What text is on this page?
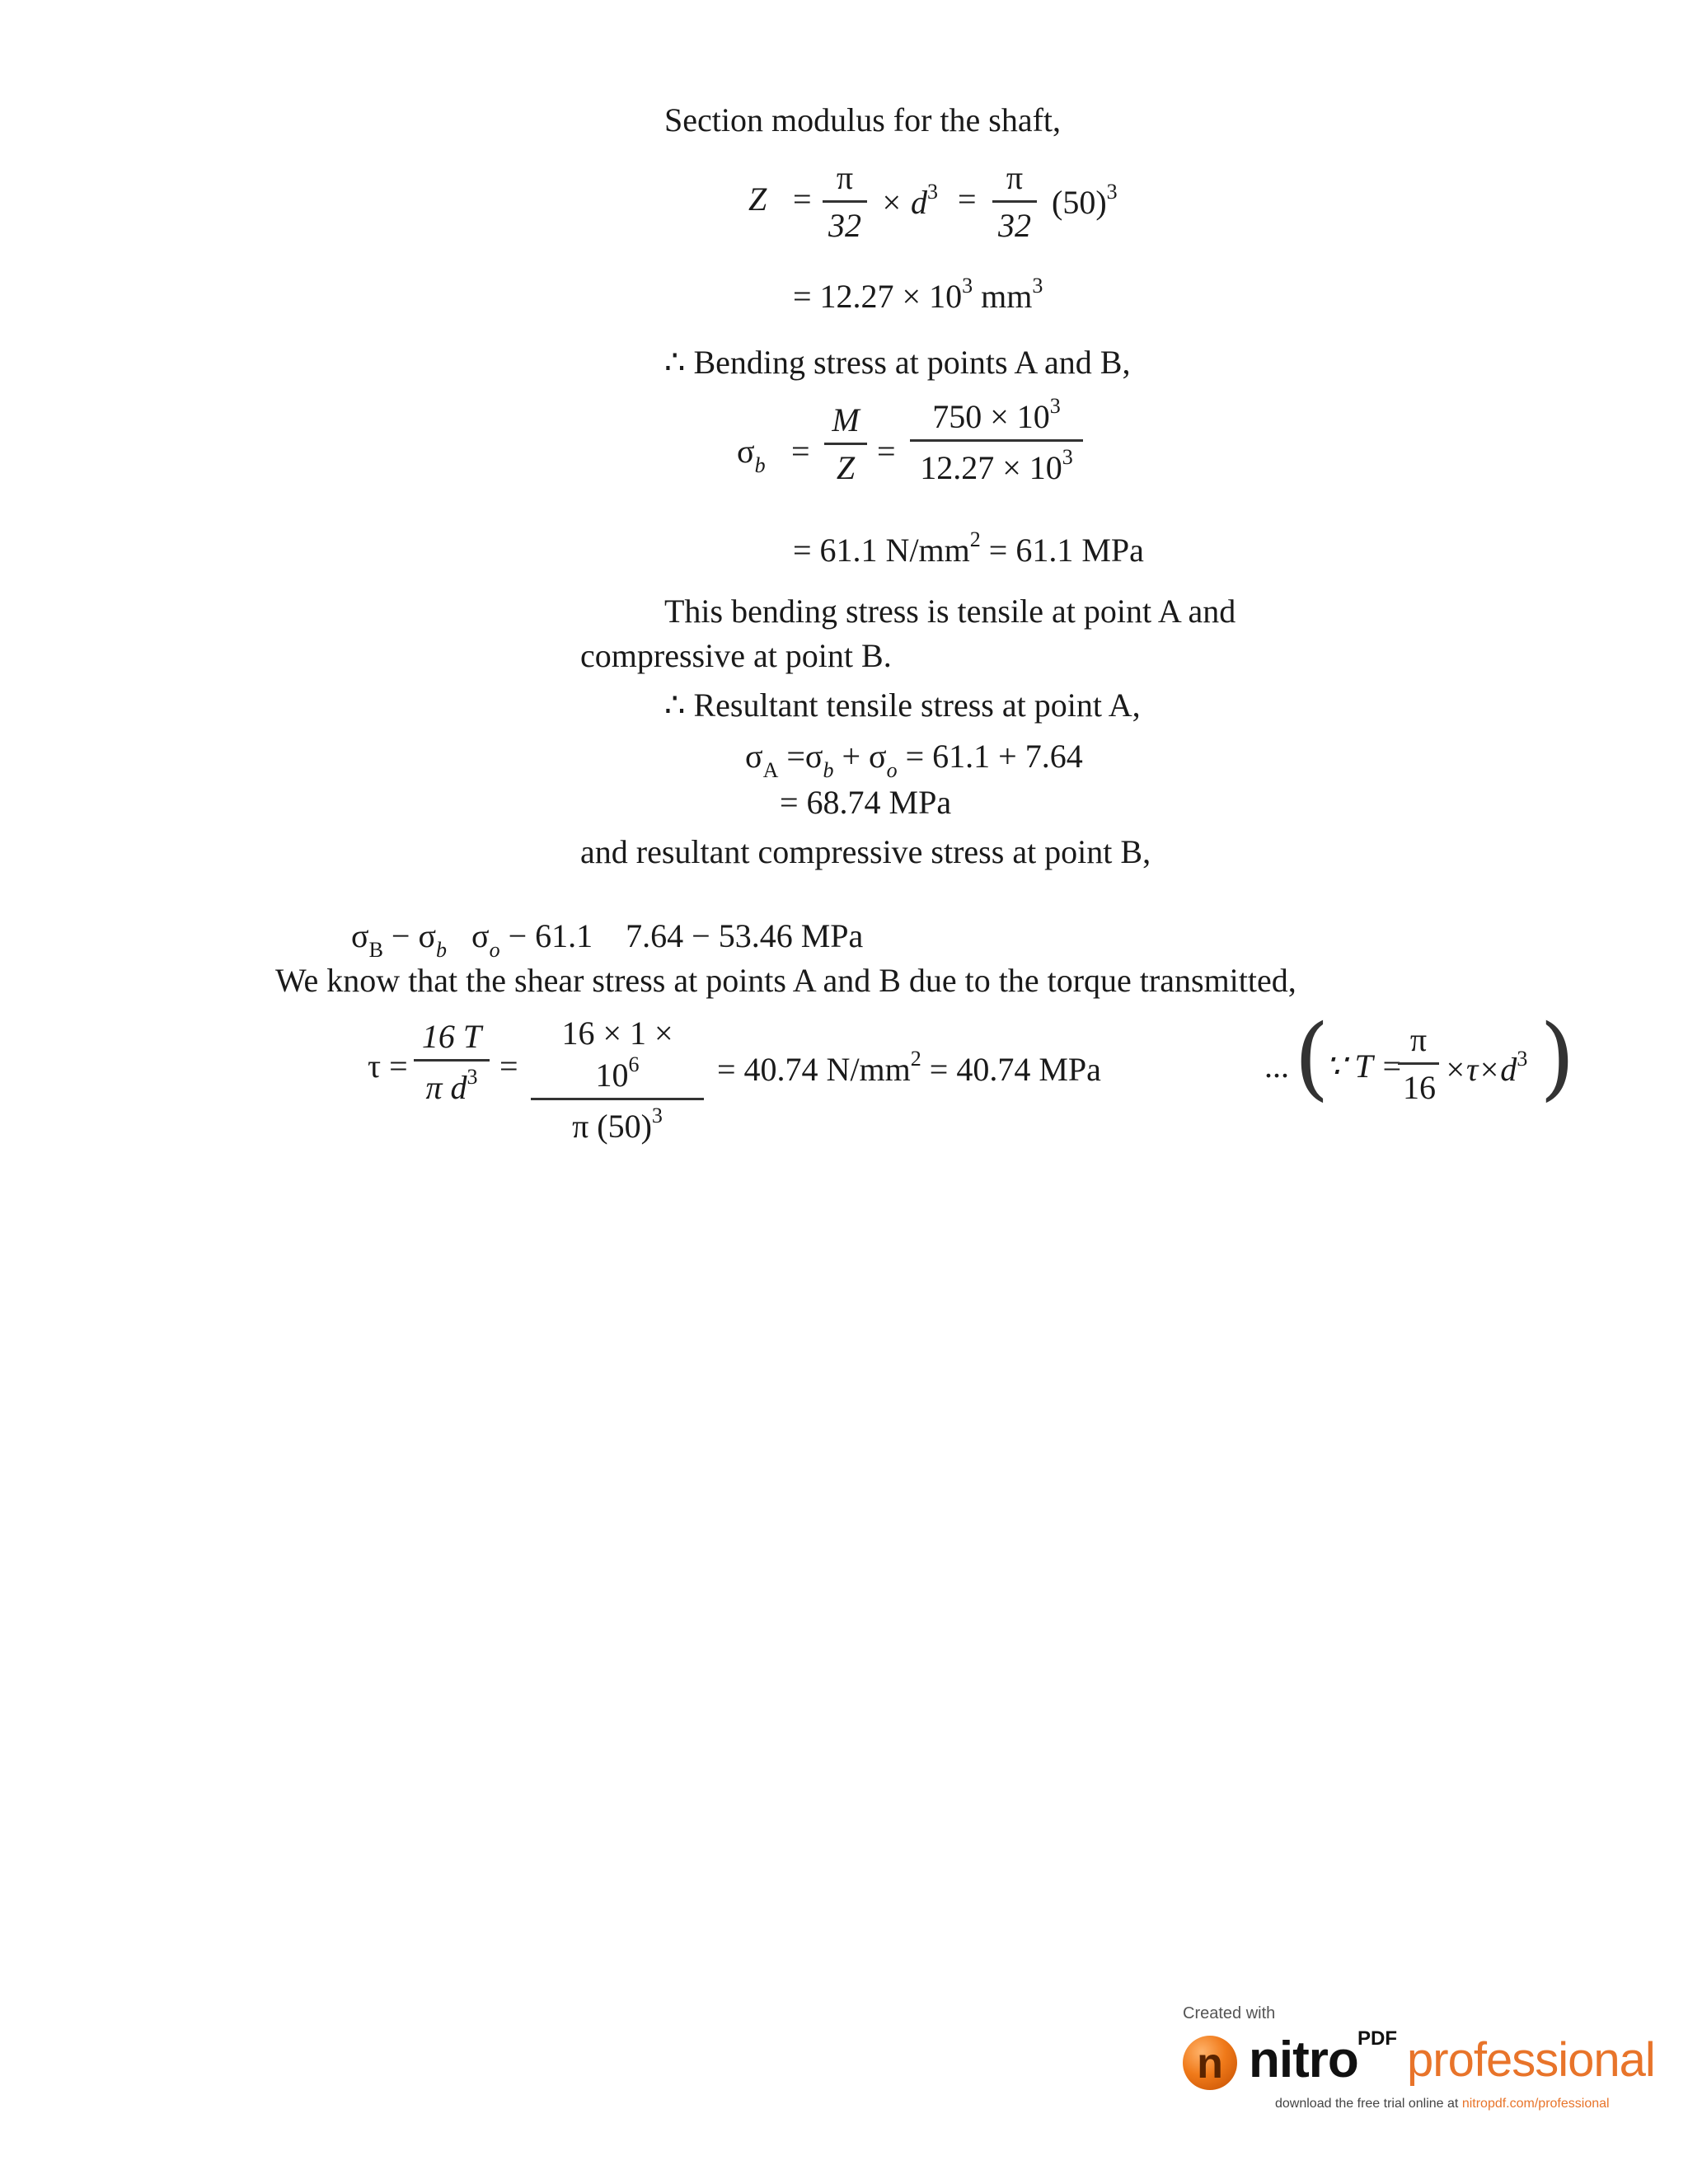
Section modulus for the shaft,
$Z = \frac{\pi}{32} \times d^3 = \frac{\pi}{32} (50)^3$
= $12.27 \times 10^3$ $mm^3$
∴ Bending stress at points A and B,
$\sigma_b = \frac{M}{Z} = \frac{750 \times 10^3}{12.27 \times 10^3}$
= 61.1 $N/mm^2 = 61.1$ MPa
This bending stress is tensile at point A and
compressive at point B.
∴ Resultant tensile stress at point A,
$\sigma_A =\sigma_b + \sigma_o = 61.1 + 7.64$
= 68.74 MPa
and resultant compressive stress at point B,
$\sigma_B - \sigma_b$   $\sigma_o - 61.1$    7.64 − 53.46 MPa
We know that the shear stress at points A and B due to the torque transmitted,
$\tau = \frac{16 T}{\pi d^3} = \frac{16 \times 1 \times 10^6}{\pi (50)^3} = 40.74$ $N/mm^2 = 40.74$ MPa	... (
∵ T =
$\frac{\pi}{16} \times\tau\times d^3$ )
Created with
n nitro PDF professional
download the free trial online at nitropdf.com/professional
